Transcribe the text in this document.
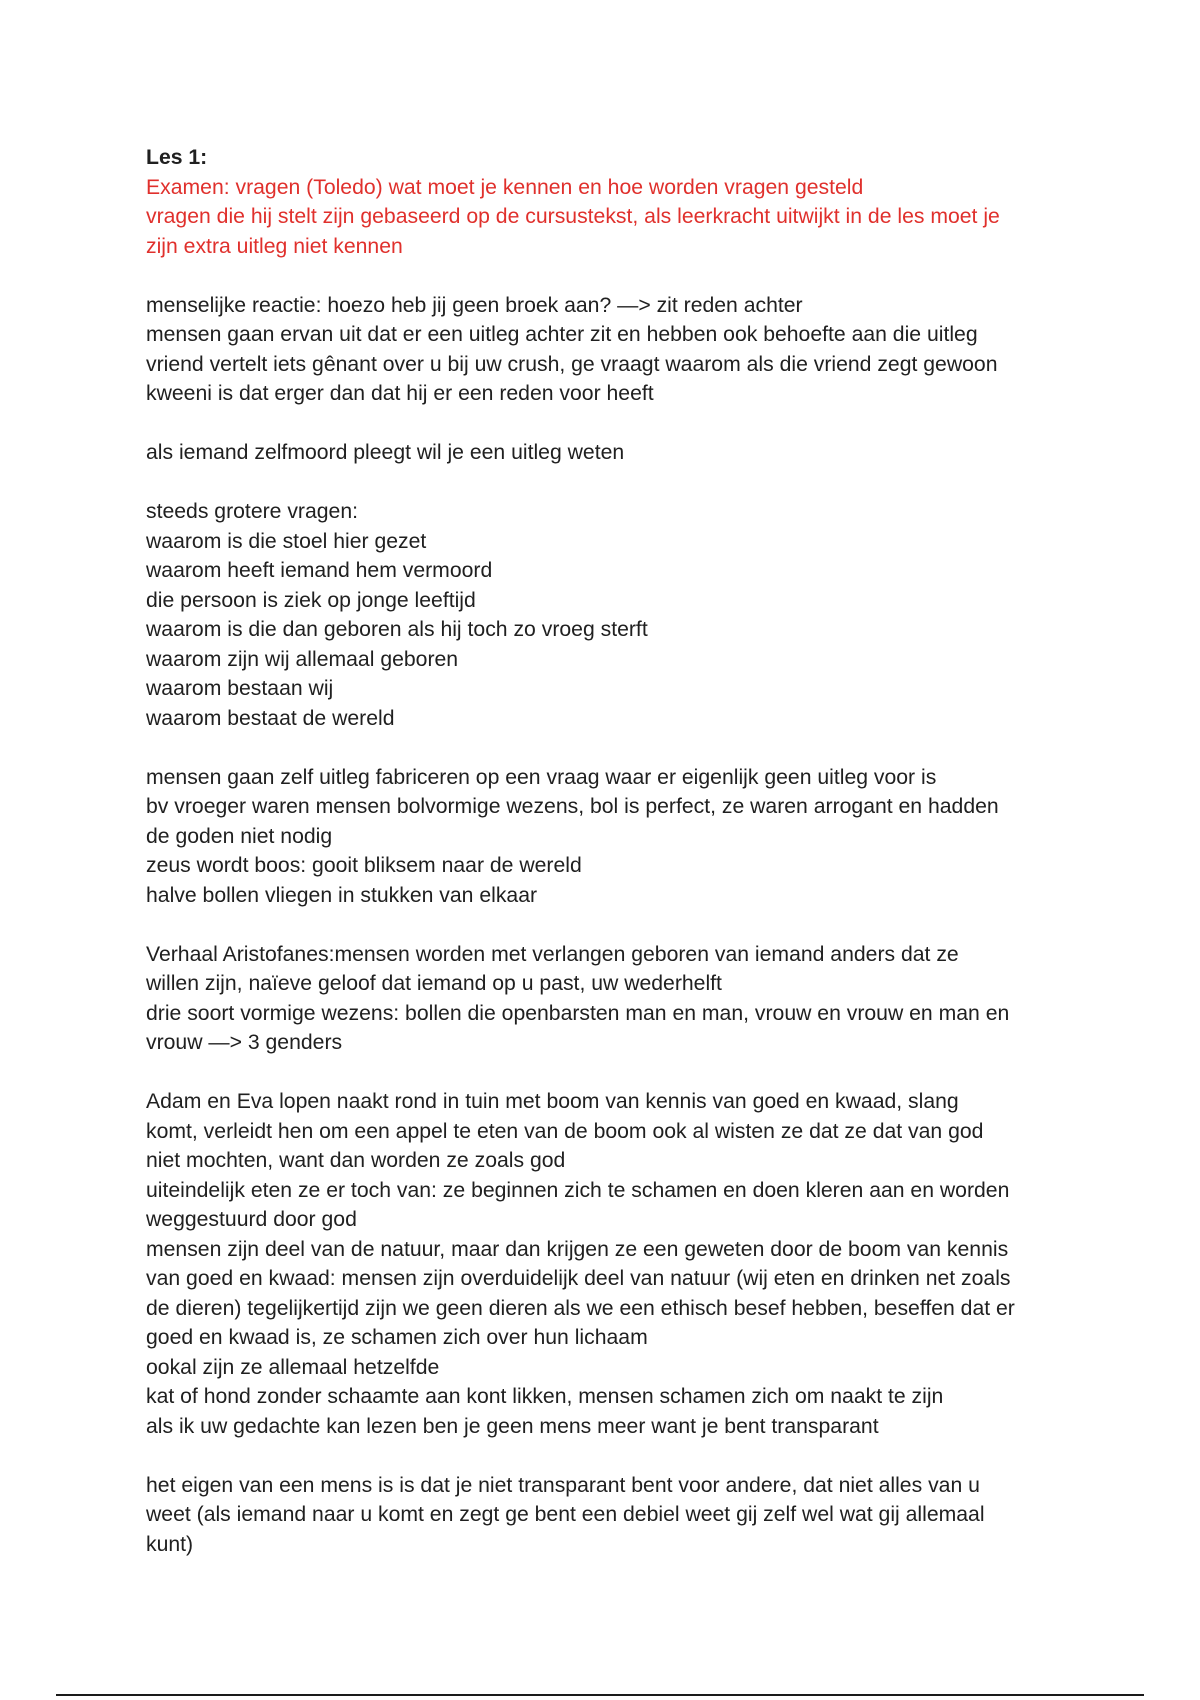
Les 1:
Examen: vragen (Toledo) wat moet je kennen en hoe worden vragen gesteld
vragen die hij stelt zijn gebaseerd op de cursustekst, als leerkracht uitwijkt in de les moet je
zijn extra uitleg niet kennen
menselijke reactie: hoezo heb jij geen broek aan? —> zit reden achter
mensen gaan ervan uit dat er een uitleg achter zit en hebben ook behoefte aan die uitleg
vriend vertelt iets gênant over u bij uw crush, ge vraagt waarom als die vriend zegt gewoon
kweeni is dat erger dan dat hij er een reden voor heeft
als iemand zelfmoord pleegt wil je een uitleg weten
steeds grotere vragen:
waarom is die stoel hier gezet
waarom heeft iemand hem vermoord
die persoon is ziek op jonge leeftijd
waarom is die dan geboren als hij toch zo vroeg sterft
waarom zijn wij allemaal geboren
waarom bestaan wij
waarom bestaat de wereld
mensen gaan zelf uitleg fabriceren op een vraag waar er eigenlijk geen uitleg voor is
bv vroeger waren mensen bolvormige wezens, bol is perfect, ze waren arrogant en hadden
de goden niet nodig
zeus wordt boos: gooit bliksem naar de wereld
halve bollen vliegen in stukken van elkaar
Verhaal Aristofanes:mensen worden met verlangen geboren van iemand anders dat ze
willen zijn, naïeve geloof dat iemand op u past, uw wederhelft
drie soort vormige wezens: bollen die openbarsten man en man, vrouw en vrouw en man en
vrouw —> 3 genders
Adam en Eva lopen naakt rond in tuin met boom van kennis van goed en kwaad, slang
komt, verleidt hen om een appel te eten van de boom ook al wisten ze dat ze dat van god
niet mochten, want dan worden ze zoals god
uiteindelijk eten ze er toch van: ze beginnen zich te schamen en doen kleren aan en worden
weggestuurd door god
mensen zijn deel van de natuur, maar dan krijgen ze een geweten door de boom van kennis
van goed en kwaad: mensen zijn overduidelijk deel van natuur (wij eten en drinken net zoals
de dieren) tegelijkertijd zijn we geen dieren als we een ethisch besef hebben, beseffen dat er
goed en kwaad is, ze schamen zich over hun lichaam
ookal zijn ze allemaal hetzelfde
kat of hond zonder schaamte aan kont likken, mensen schamen zich om naakt te zijn
als ik uw gedachte kan lezen ben je geen mens meer want je bent transparant
het eigen van een mens is is dat je niet transparant bent voor andere, dat niet alles van u
weet (als iemand naar u komt en zegt ge bent een debiel weet gij zelf wel wat gij allemaal
kunt)
